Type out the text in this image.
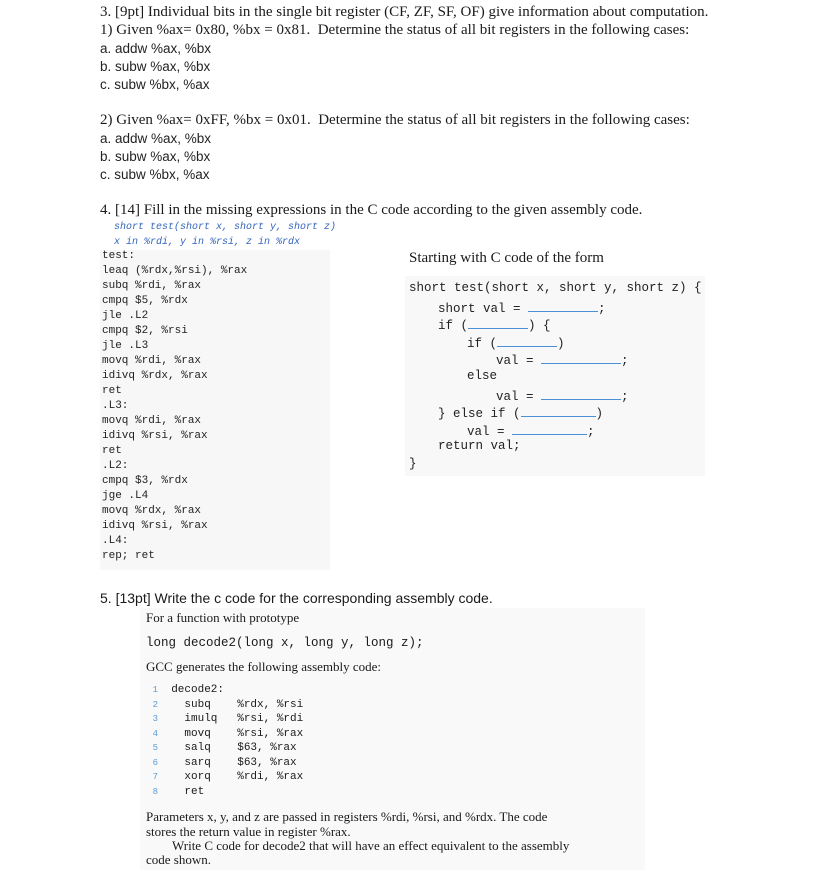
3. [9pt] Individual bits in the single bit register (CF, ZF, SF, OF) give information about computation.
1) Given %ax= 0x80, %bx = 0x81.  Determine the status of all bit registers in the following cases:
a. addw %ax, %bx
b. subw %ax, %bx
c. subw %bx, %ax
2) Given %ax= 0xFF, %bx = 0x01.  Determine the status of all bit registers in the following cases:
a. addw %ax, %bx
b. subw %ax, %bx
c. subw %bx, %ax
4. [14] Fill in the missing expressions in the C code according to the given assembly code.
short test(short x, short y, short z)
x in %rdi, y in %rsi, z in %rdx
test:
leaq (%rdx,%rsi), %rax
subq %rdi, %rax
cmpq $5, %rdx
jle .L2
cmpq $2, %rsi
jle .L3
movq %rdi, %rax
idivq %rdx, %rax
ret
.L3:
movq %rdi, %rax
idivq %rsi, %rax
ret
.L2:
cmpq $3, %rdx
jge .L4
movq %rdx, %rax
idivq %rsi, %rax
.L4:
rep; ret
Starting with C code of the form
short test(short x, short y, short z) {
short val =	;
if (	) {
if (	)
val =	;
else
val =	;
} else if (	)
val =	;
return val;
}
5. [13pt] Write the c code for the corresponding assembly code.
For a function with prototype
long decode2(long x, long y, long z);
GCC generates the following assembly code:

1 decode2:

2    subq    %rdx, %rsi

3    imulq   %rsi, %rdi

4    movq    %rsi, %rax

5    salq    $63, %rax

6    sarq    $63, %rax

7    xorq    %rdi, %rax

8    ret

Parameters x, y, and z are passed in registers %rdi, %rsi, and %rdx. The code
stores the return value in register %rax.
Write C code for decode2 that will have an effect equivalent to the assembly
code shown.
